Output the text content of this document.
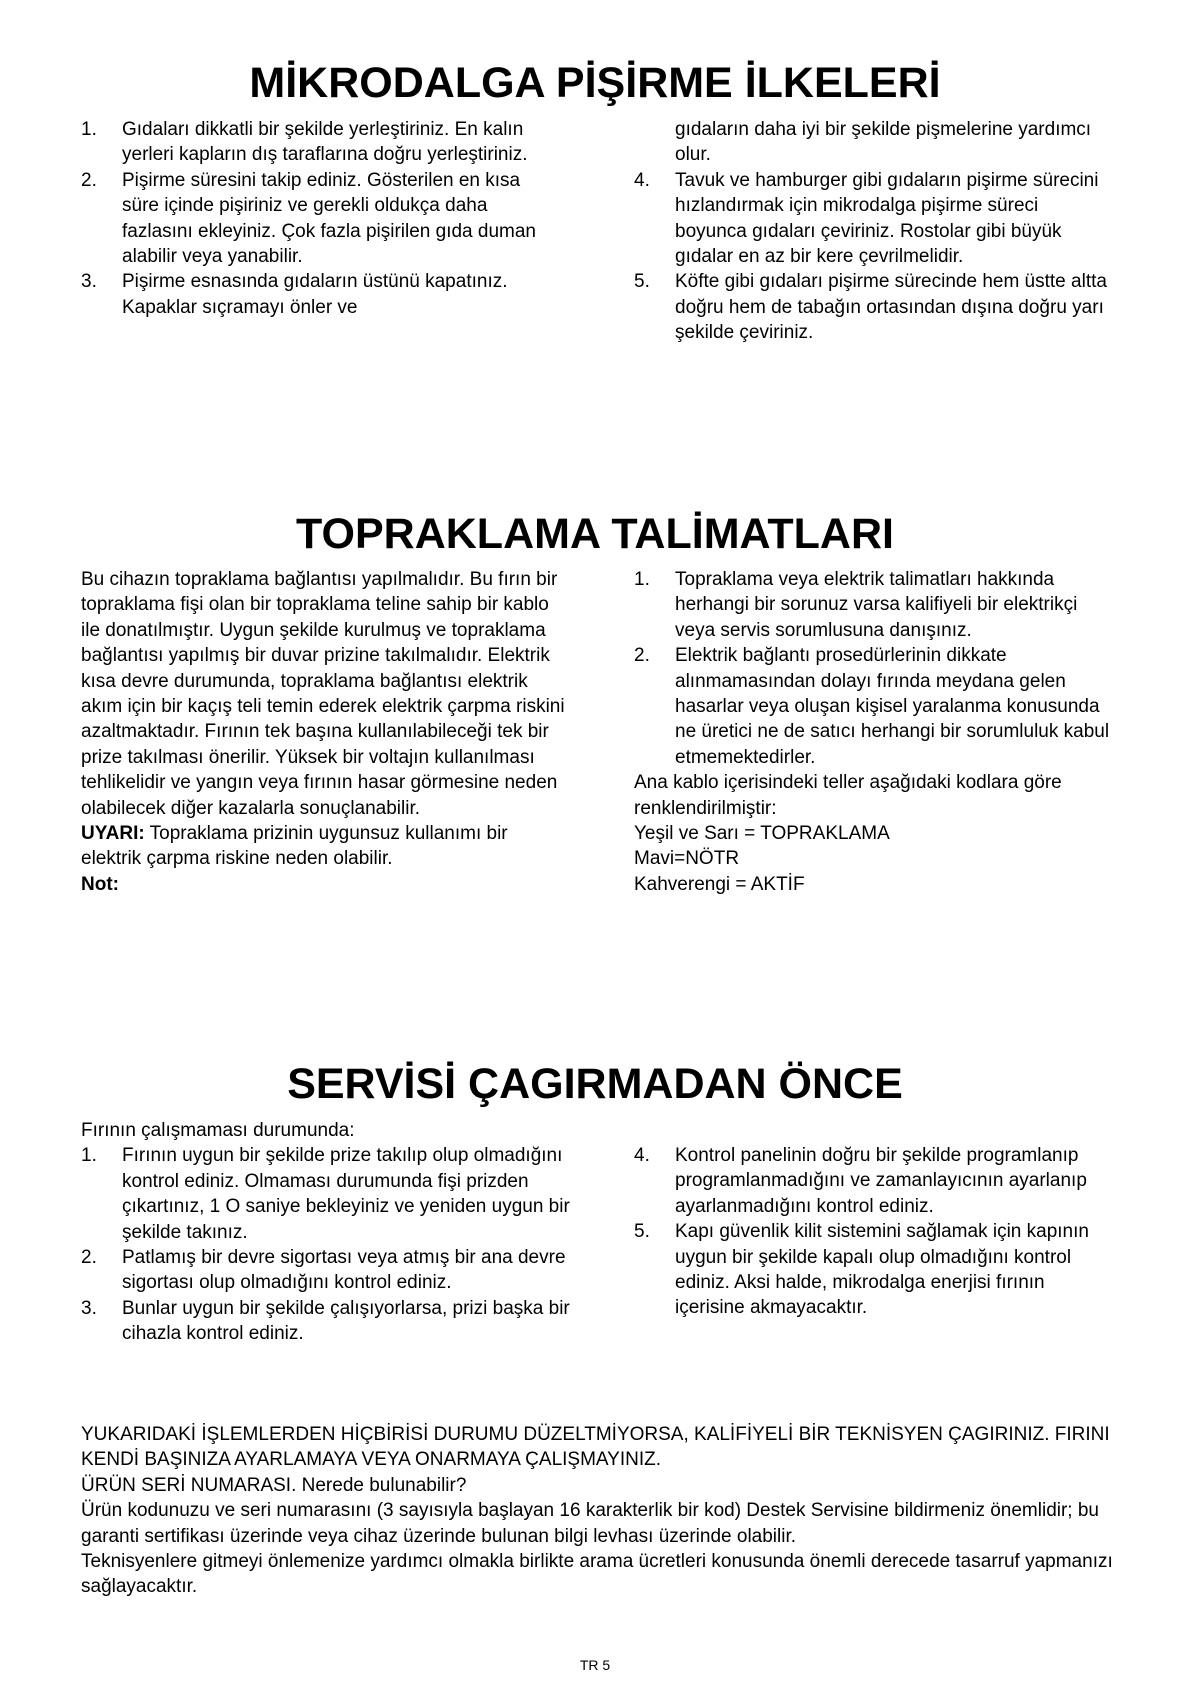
MİKRODALGA PİŞİRME İLKELERİ
1. Gıdaları dikkatli bir şekilde yerleştiriniz. En kalın yerleri kapların dış taraflarına doğru yerleştiriniz.

2. Pişirme süresini takip ediniz. Gösterilen en kısa süre içinde pişiriniz ve gerekli oldukça daha fazlasını ekleyiniz. Çok fazla pişirilen gıda duman alabilir veya yanabilir.

3. Pişirme esnasında gıdaların üstünü kapatınız. Kapaklar sıçramayı önler ve

gıdaların daha iyi bir şekilde pişmelerine yardımcı olur.

4. Tavuk ve hamburger gibi gıdaların pişirme sürecini hızlandırmak için mikrodalga pişirme süreci boyunca gıdaları çeviriniz. Rostolar gibi büyük gıdalar en az bir kere çevrilmelidir.

5. Köfte gibi gıdaları pişirme sürecinde hem üstte altta doğru hem de tabağın ortasından dışına doğru yarı şekilde çeviriniz.

TOPRAKLAMA TALİMATLARI

Bu cihazın topraklama bağlantısı yapılmalıdır. Bu fırın bir topraklama fişi olan bir topraklama teline sahip bir kablo ile donatılmıştır. Uygun şekilde kurulmuş ve topraklama bağlantısı yapılmış bir duvar prizine takılmalıdır. Elektrik kısa devre durumunda, topraklama bağlantısı elektrik akım için bir kaçış teli temin ederek elektrik çarpma riskini azaltmaktadır. Fırının tek başına kullanılabileceği tek bir prize takılması önerilir. Yüksek bir voltajın kullanılması tehlikelidir ve yangın veya fırının hasar görmesine neden olabilecek diğer kazalarla sonuçlanabilir.

UYARI: Topraklama prizinin uygunsuz kullanımı bir elektrik çarpma riskine neden olabilir.

Not:

1. Topraklama veya elektrik talimatları hakkında herhangi bir sorunuz varsa kalifiyeli bir elektrikçi veya servis sorumlusuna danışınız.

2. Elektrik bağlantı prosedürlerinin dikkate alınmamasından dolayı fırında meydana gelen hasarlar veya oluşan kişisel yaralanma konusunda ne üretici ne de satıcı herhangi bir sorumluluk kabul etmemektedirler.

Ana kablo içerisindeki teller aşağıdaki kodlara göre renklendirilmiştir:

Yeşil ve Sarı = TOPRAKLAMA

Mavi=NÖTR

Kahverengi = AKTİF

SERVİSİ ÇAGIRMADAN ÖNCE

Fırının çalışmaması durumunda:

1. Fırının uygun bir şekilde prize takılıp olup olmadığını kontrol ediniz. Olmaması durumunda fişi prizden çıkartınız, 1 O saniye bekleyiniz ve yeniden uygun bir şekilde takınız.

2. Patlamış bir devre sigortası veya atmış bir ana devre sigortası olup olmadığını kontrol ediniz.

3. Bunlar uygun bir şekilde çalışıyorlarsa, prizi başka bir cihazla kontrol ediniz.

4. Kontrol panelinin doğru bir şekilde programlanıp programlanmadığını ve zamanlayıcının ayarlanıp ayarlanmadığını kontrol ediniz.

5. Kapı güvenlik kilit sistemini sağlamak için kapının uygun bir şekilde kapalı olup olmadığını kontrol ediniz. Aksi halde, mikrodalga enerjisi fırının içerisine akmayacaktır.

YUKARIDAKİ İŞLEMLERDEN HİÇBİRİSİ DURUMU DÜZELTMİYORSA, KALİFİYELİ BİR TEKNİSYEN ÇAGIRINIZ. FIRINI KENDİ BAŞINIZA AYARLAMAYA VEYA ONARMAYA ÇALIŞMAYINIZ.

ÜRÜN SERİ NUMARASI. Nerede bulunabilir?

Ürün kodunuzu ve seri numarasını (3 sayısıyla başlayan 16 karakterlik bir kod) Destek Servisine bildirmeniz önemlidir; bu garanti sertifikası üzerinde veya cihaz üzerinde bulunan bilgi levhası üzerinde olabilir.

Teknisyenlere gitmeyi önlemenize yardımcı olmakla birlikte arama ücretleri konusunda önemli derecede tasarruf yapmanızı sağlayacaktır.

TR 5
